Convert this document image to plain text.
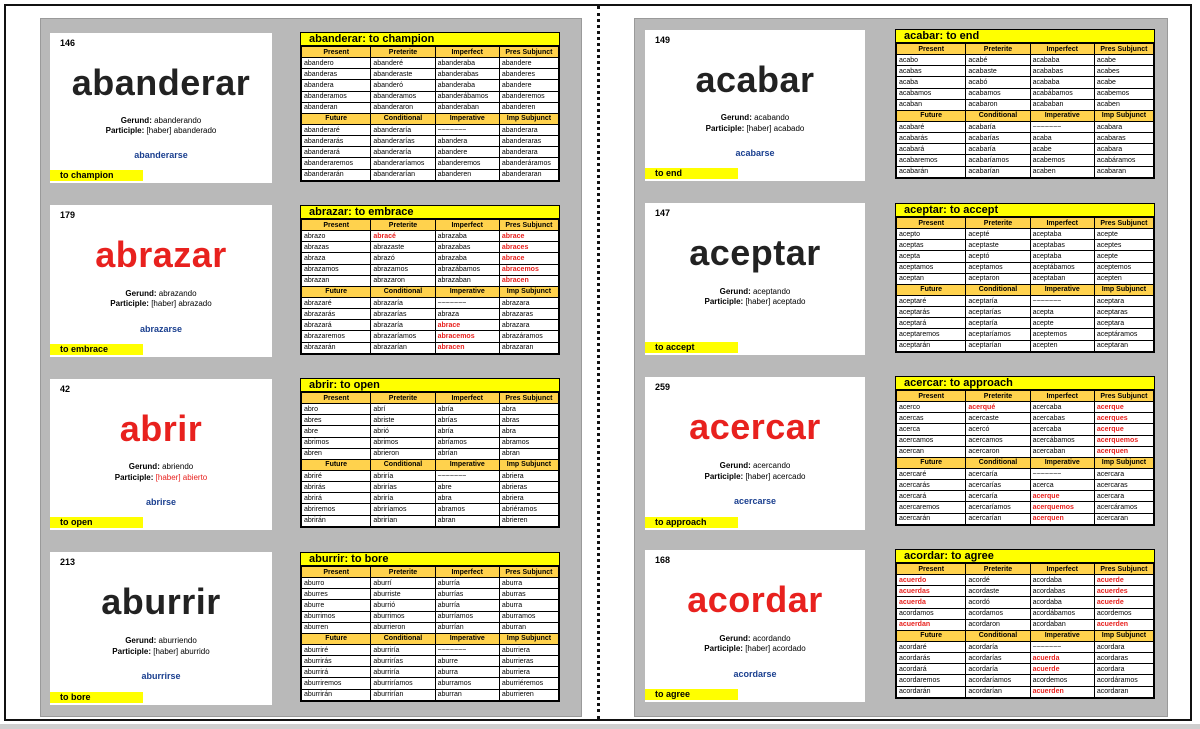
146
abanderar
Gerund: abanderando
Participle: [haber] abanderado
abanderarse
to champion
abanderar: to champion
Present	Preterite	Imperfect	Pres Subjunct
abandero	abanderé	abanderaba	abandere
abanderas	abanderaste	abanderabas	abanderes
abandera	abanderó	abanderaba	abandere
abanderamos	abanderamos	abanderábamos	abanderemos
abanderan	abanderaron	abanderaban	abanderen
Future	Conditional	Imperative	Imp Subjunct
abanderaré	abanderaría	~~~~~~~	abanderara
abanderarás	abanderarías	abandera	abanderaras
abanderará	abanderaría	abandere	abanderara
abanderaremos	abanderaríamos	abanderemos	abanderáramos
abanderarán	abanderarían	abanderen	abanderaran
179
abrazar
Gerund: abrazando
Participle: [haber] abrazado
abrazarse
to embrace
abrazar: to embrace
Present	Preterite	Imperfect	Pres Subjunct
abrazo	abracé	abrazaba	abrace
abrazas	abrazaste	abrazabas	abraces
abraza	abrazó	abrazaba	abrace
abrazamos	abrazamos	abrazábamos	abracemos
abrazan	abrazaron	abrazaban	abracen
Future	Conditional	Imperative	Imp Subjunct
abrazaré	abrazaría	~~~~~~~	abrazara
abrazarás	abrazarías	abraza	abrazaras
abrazará	abrazaría	abrace	abrazara
abrazaremos	abrazaríamos	abracemos	abrazáramos
abrazarán	abrazarían	abracen	abrazaran
42
abrir
Gerund: abriendo
Participle: [haber] abierto
abrirse
to open
abrir: to open
Present	Preterite	Imperfect	Pres Subjunct
abro	abrí	abría	abra
abres	abriste	abrías	abras
abre	abrió	abría	abra
abrimos	abrimos	abríamos	abramos
abren	abrieron	abrían	abran
Future	Conditional	Imperative	Imp Subjunct
abriré	abriría	~~~~~~~	abriera
abrirás	abrirías	abre	abrieras
abrirá	abriría	abra	abriera
abriremos	abriríamos	abramos	abriéramos
abrirán	abrirían	abran	abrieren
213
aburrir
Gerund: aburriendo
Participle: [haber] aburrido
aburrirse
to bore
aburrir: to bore
Present	Preterite	Imperfect	Pres Subjunct
aburro	aburrí	aburría	aburra
aburres	aburriste	aburrías	aburras
aburre	aburrió	aburría	aburra
aburrimos	aburrimos	aburríamos	aburramos
aburren	aburrieron	aburrían	aburran
Future	Conditional	Imperative	Imp Subjunct
aburriré	aburriría	~~~~~~~	aburriera
aburrirás	aburrirías	aburre	aburrieras
aburrirá	aburriría	aburra	aburriera
aburriremos	aburriríamos	aburramos	aburriéremos
aburrirán	aburrirían	aburran	aburrieren
149
acabar
Gerund: acabando
Participle: [haber] acabado
acabarse
to end
acabar: to end
Present	Preterite	Imperfect	Pres Subjunct
acabo	acabé	acababa	acabe
acabas	acabaste	acababas	acabes
acaba	acabó	acababa	acabe
acabamos	acabamos	acabábamos	acabemos
acaban	acabaron	acababan	acaben
Future	Conditional	Imperative	Imp Subjunct
acabaré	acabaría	~~~~~~~	acabara
acabarás	acabarías	acaba	acabaras
acabará	acabaría	acabe	acabara
acabaremos	acabaríamos	acabemos	acabáramos
acabarán	acabarían	acaben	acabaran
147
aceptar
Gerund: aceptando
Participle: [haber] aceptado
to accept
aceptar: to accept
Present	Preterite	Imperfect	Pres Subjunct
acepto	acepté	aceptaba	acepte
aceptas	aceptaste	aceptabas	aceptes
acepta	aceptó	aceptaba	acepte
aceptamos	aceptamos	aceptábamos	aceptemos
aceptan	aceptaron	aceptaban	acepten
Future	Conditional	Imperative	Imp Subjunct
aceptaré	aceptaría	~~~~~~~	aceptara
aceptarás	aceptarías	acepta	aceptaras
aceptará	aceptaría	acepte	aceptara
aceptaremos	aceptaríamos	aceptemos	aceptáramos
aceptarán	aceptarían	acepten	aceptaran
259
acercar
Gerund: acercando
Participle: [haber] acercado
acercarse
to approach
acercar: to approach
Present	Preterite	Imperfect	Pres Subjunct
acerco	acerqué	acercaba	acerque
acercas	acercaste	acercabas	acerques
acerca	acercó	acercaba	acerque
acercamos	acercamos	acercábamos	acerquemos
acercan	acercaron	acercaban	acerquen
Future	Conditional	Imperative	Imp Subjunct
acercaré	acercaría	~~~~~~~	acercara
acercarás	acercarías	acerca	acercaras
acercará	acercaría	acerque	acercara
acercaremos	acercaríamos	acerquemos	acercáramos
acercarán	acercarían	acerquen	acercaran
168
acordar
Gerund: acordando
Participle: [haber] acordado
acordarse
to agree
acordar: to agree
Present	Preterite	Imperfect	Pres Subjunct
acuerdo	acordé	acordaba	acuerde
acuerdas	acordaste	acordabas	acuerdes
acuerda	acordó	acordaba	acuerde
acordamos	acordamos	acordábamos	acordemos
acuerdan	acordaron	acordaban	acuerden
Future	Conditional	Imperative	Imp Subjunct
acordaré	acordaría	~~~~~~~	acordara
acordarás	acordarías	acuerda	acordaras
acordará	acordaría	acuerde	acordara
acordaremos	acordaríamos	acordemos	acordáramos
acordarán	acordarían	acuerden	acordaran
